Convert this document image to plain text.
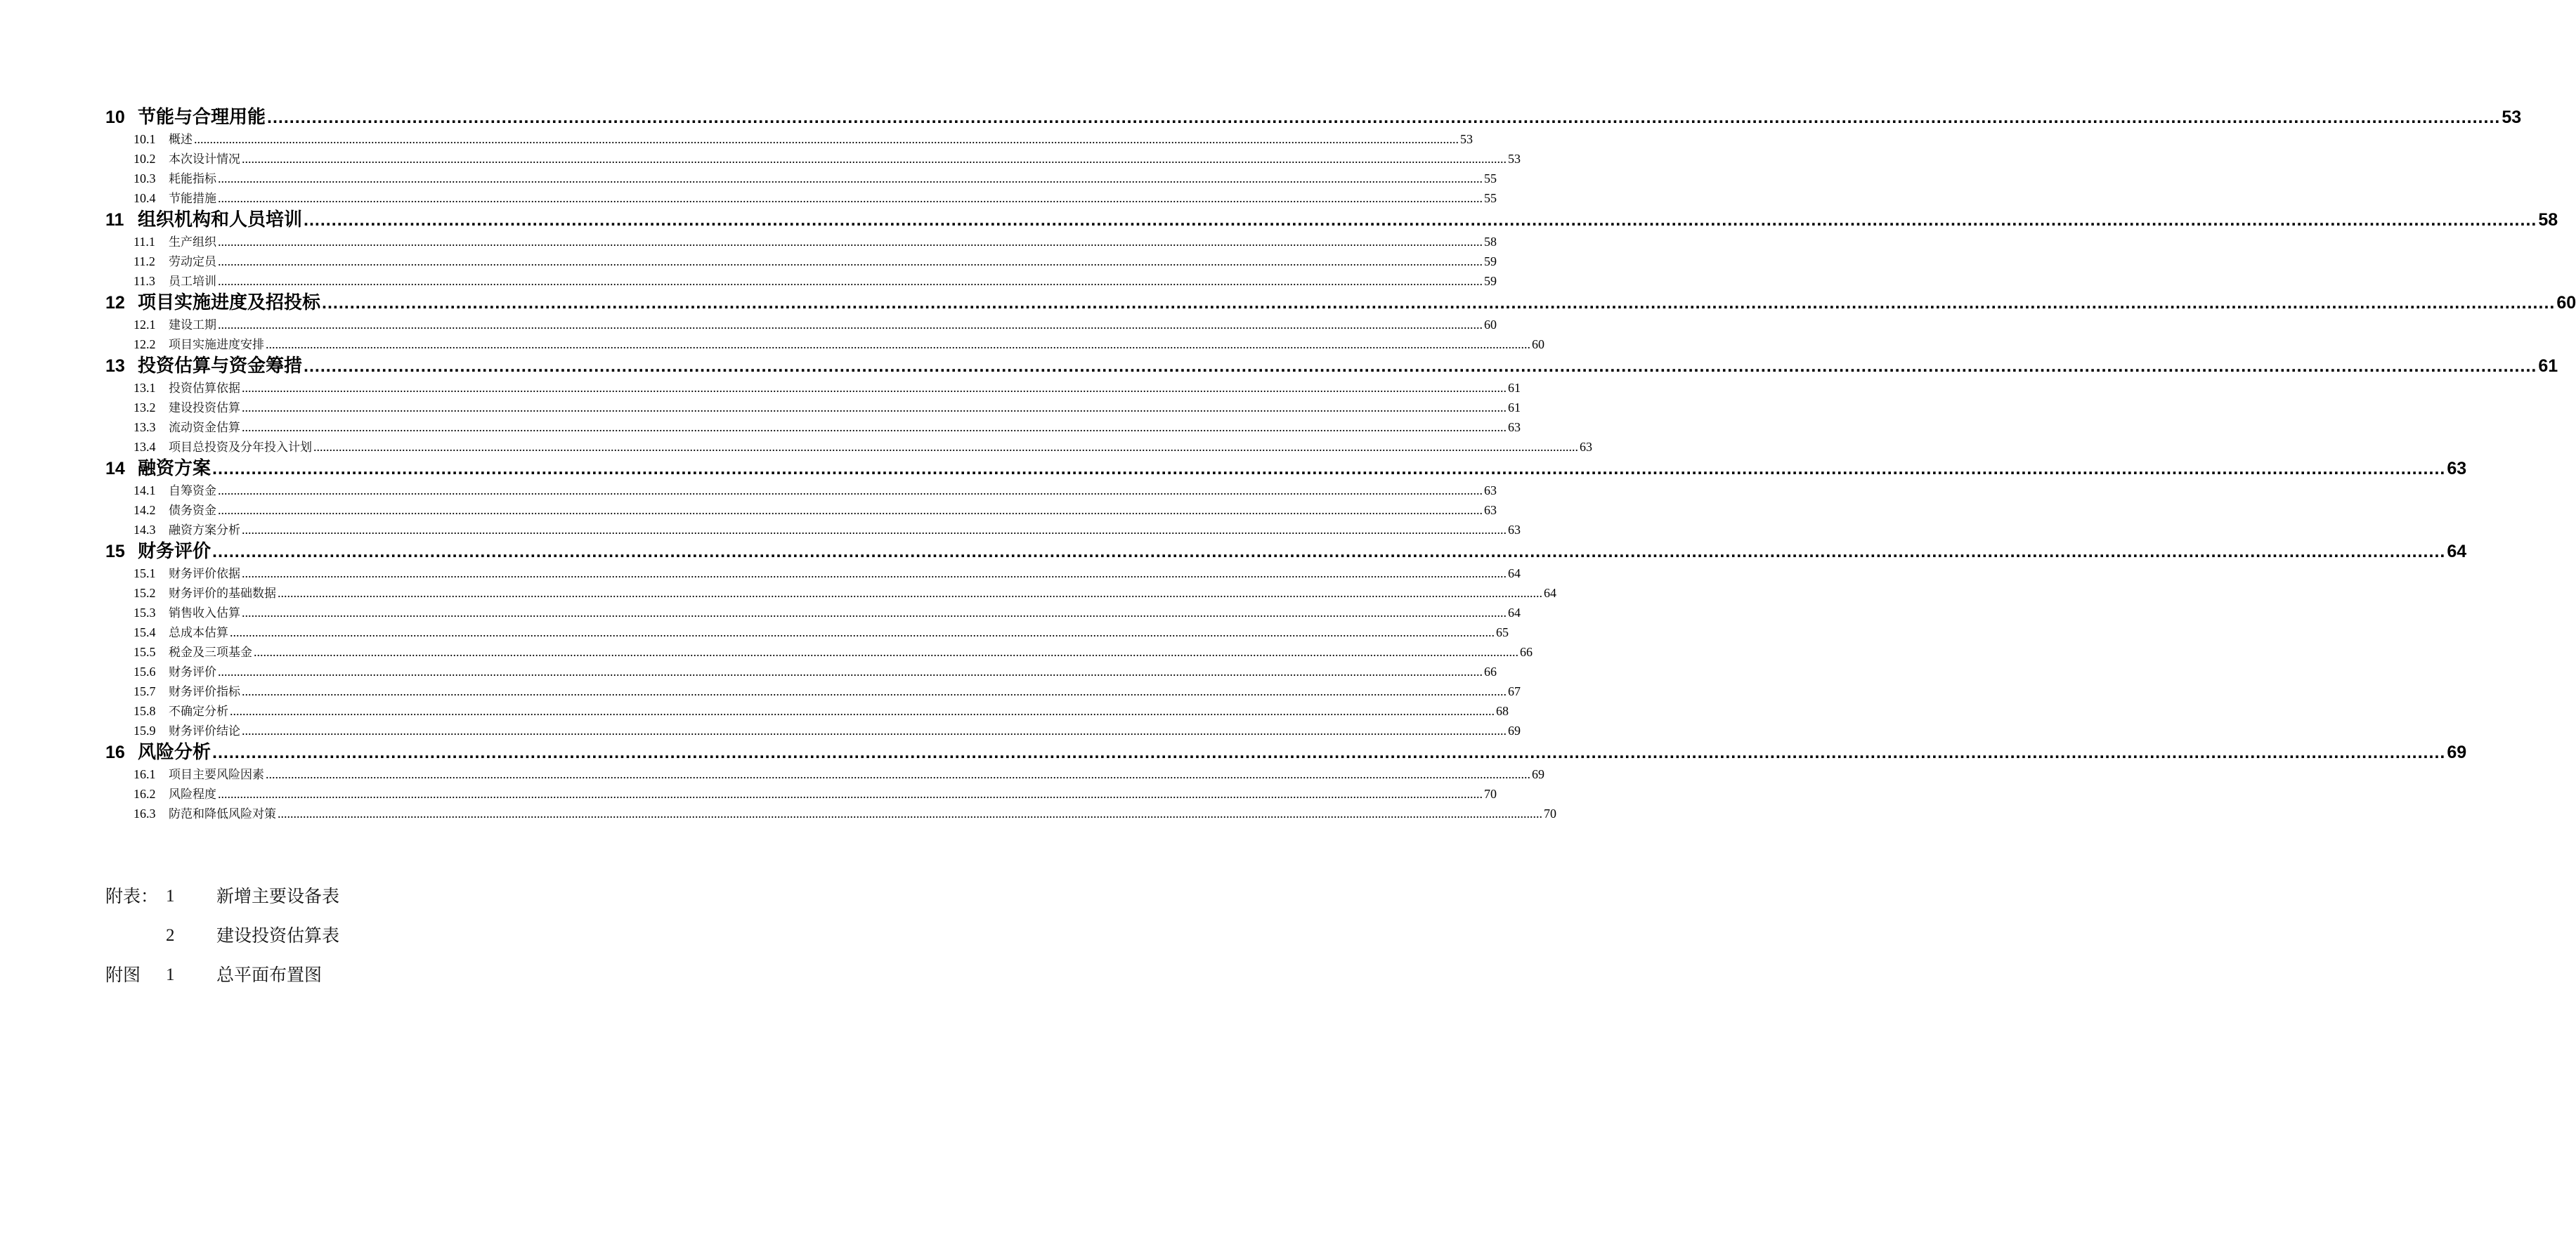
10 节能与合理用能 ................................................................................................................................................................................................................................................................................................................................................................................................................ 53
10.1	概述 ................................................................................................................................................................................................................................................................................................................................................................................................................ 53
10.2	本次设计情况 ................................................................................................................................................................................................................................................................................................................................................................................................................ 53
10.3	耗能指标 ................................................................................................................................................................................................................................................................................................................................................................................................................ 55
10.4	节能措施 ................................................................................................................................................................................................................................................................................................................................................................................................................ 55
11 组织机构和人员培训 ................................................................................................................................................................................................................................................................................................................................................................................................................ 58
11.1	生产组织 ................................................................................................................................................................................................................................................................................................................................................................................................................ 58
11.2	劳动定员 ................................................................................................................................................................................................................................................................................................................................................................................................................ 59
11.3	员工培训 ................................................................................................................................................................................................................................................................................................................................................................................................................ 59
12 项目实施进度及招投标 ................................................................................................................................................................................................................................................................................................................................................................................................................ 60
12.1	建设工期 ................................................................................................................................................................................................................................................................................................................................................................................................................ 60
12.2	项目实施进度安排 ................................................................................................................................................................................................................................................................................................................................................................................................................ 60
13 投资估算与资金筹措 ................................................................................................................................................................................................................................................................................................................................................................................................................ 61
13.1	投资估算依据 ................................................................................................................................................................................................................................................................................................................................................................................................................ 61
13.2	建设投资估算 ................................................................................................................................................................................................................................................................................................................................................................................................................ 61
13.3	流动资金估算 ................................................................................................................................................................................................................................................................................................................................................................................................................ 63
13.4	项目总投资及分年投入计划 ................................................................................................................................................................................................................................................................................................................................................................................................................ 63
14 融资方案 ................................................................................................................................................................................................................................................................................................................................................................................................................ 63
14.1	自筹资金 ................................................................................................................................................................................................................................................................................................................................................................................................................ 63
14.2	债务资金 ................................................................................................................................................................................................................................................................................................................................................................................................................ 63
14.3	融资方案分析 ................................................................................................................................................................................................................................................................................................................................................................................................................ 63
15 财务评价 ................................................................................................................................................................................................................................................................................................................................................................................................................ 64
15.1	财务评价依据 ................................................................................................................................................................................................................................................................................................................................................................................................................ 64
15.2	财务评价的基础数据 ................................................................................................................................................................................................................................................................................................................................................................................................................ 64
15.3	销售收入估算 ................................................................................................................................................................................................................................................................................................................................................................................................................ 64
15.4	总成本估算 ................................................................................................................................................................................................................................................................................................................................................................................................................ 65
15.5	税金及三项基金 ................................................................................................................................................................................................................................................................................................................................................................................................................ 66
15.6	财务评价 ................................................................................................................................................................................................................................................................................................................................................................................................................ 66
15.7	财务评价指标 ................................................................................................................................................................................................................................................................................................................................................................................................................ 67
15.8	不确定分析 ................................................................................................................................................................................................................................................................................................................................................................................................................ 68
15.9	财务评价结论 ................................................................................................................................................................................................................................................................................................................................................................................................................ 69
16 风险分析 ................................................................................................................................................................................................................................................................................................................................................................................................................ 69
16.1	项目主要风险因素 ................................................................................................................................................................................................................................................................................................................................................................................................................ 69
16.2	风险程度 ................................................................................................................................................................................................................................................................................................................................................................................................................ 70
16.3	防范和降低风险对策 ................................................................................................................................................................................................................................................................................................................................................................................................................ 70
附表： 1 新增主要设备表
2 建设投资估算表
附图 1 总平面布置图
